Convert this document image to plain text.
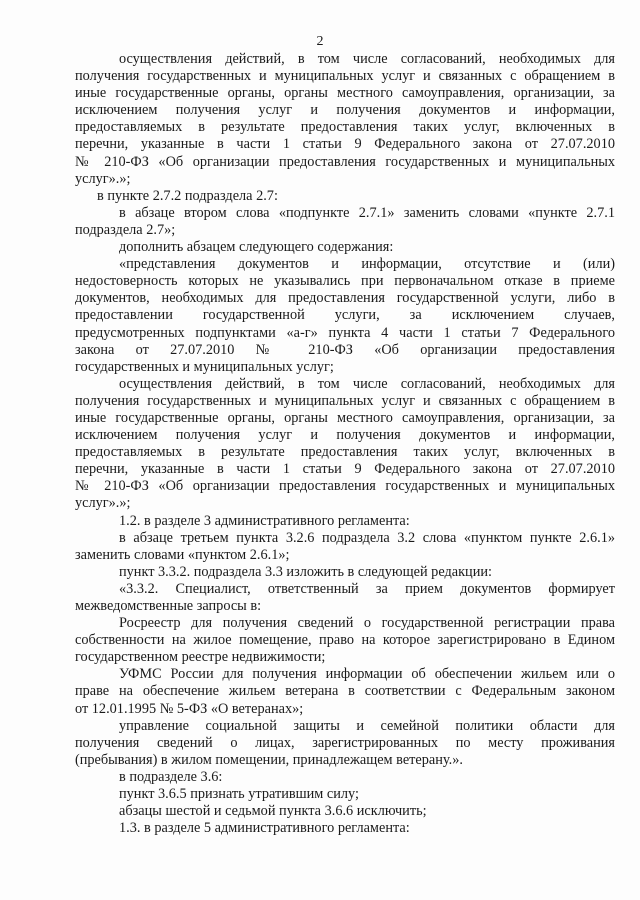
2
осуществления действий, в том числе согласований, необходимых для
получения государственных и муниципальных услуг и связанных с обращением в
иные государственные органы, органы местного самоуправления, организации, за
исключением получения услуг и получения документов и информации,
предоставляемых в результате предоставления таких услуг, включенных в
перечни, указанные в части 1 статьи 9 Федерального закона от 27.07.2010
№ 210-ФЗ «Об организации предоставления государственных и муниципальных
услуг».»;
в пункте 2.7.2 подраздела 2.7:
в абзаце втором слова «подпункте 2.7.1» заменить словами «пункте 2.7.1
подраздела 2.7»;
дополнить абзацем следующего содержания:
«представления документов и информации, отсутствие и (или)
недостоверность которых не указывались при первоначальном отказе в приеме
документов, необходимых для предоставления государственной услуги, либо в
предоставлении государственной услуги, за исключением случаев,
предусмотренных подпунктами «а-г» пункта 4 части 1 статьи 7 Федерального
закона от 27.07.2010 № 210-ФЗ «Об организации предоставления
государственных и муниципальных услуг;
осуществления действий, в том числе согласований, необходимых для
получения государственных и муниципальных услуг и связанных с обращением в
иные государственные органы, органы местного самоуправления, организации, за
исключением получения услуг и получения документов и информации,
предоставляемых в результате предоставления таких услуг, включенных в
перечни, указанные в части 1 статьи 9 Федерального закона от 27.07.2010
№ 210-ФЗ «Об организации предоставления государственных и муниципальных
услуг».»;
1.2. в разделе 3 административного регламента:
в абзаце третьем пункта 3.2.6 подраздела 3.2 слова «пунктом пункте 2.6.1»
заменить словами «пунктом 2.6.1»;
пункт 3.3.2. подраздела 3.3 изложить в следующей редакции:
«3.3.2. Специалист, ответственный за прием документов формирует
межведомственные запросы в:
Росреестр для получения сведений о государственной регистрации права
собственности на жилое помещение, право на которое зарегистрировано в Едином
государственном реестре недвижимости;
УФМС России для получения информации об обеспечении жильем или о
праве на обеспечение жильем ветерана в соответствии с Федеральным законом
от 12.01.1995 № 5-ФЗ «О ветеранах»;
управление социальной защиты и семейной политики области для
получения сведений о лицах, зарегистрированных по месту проживания
(пребывания) в жилом помещении, принадлежащем ветерану.».
в подразделе 3.6:
пункт 3.6.5 признать утратившим силу;
абзацы шестой и седьмой пункта 3.6.6 исключить;
1.3. в разделе 5 административного регламента:
